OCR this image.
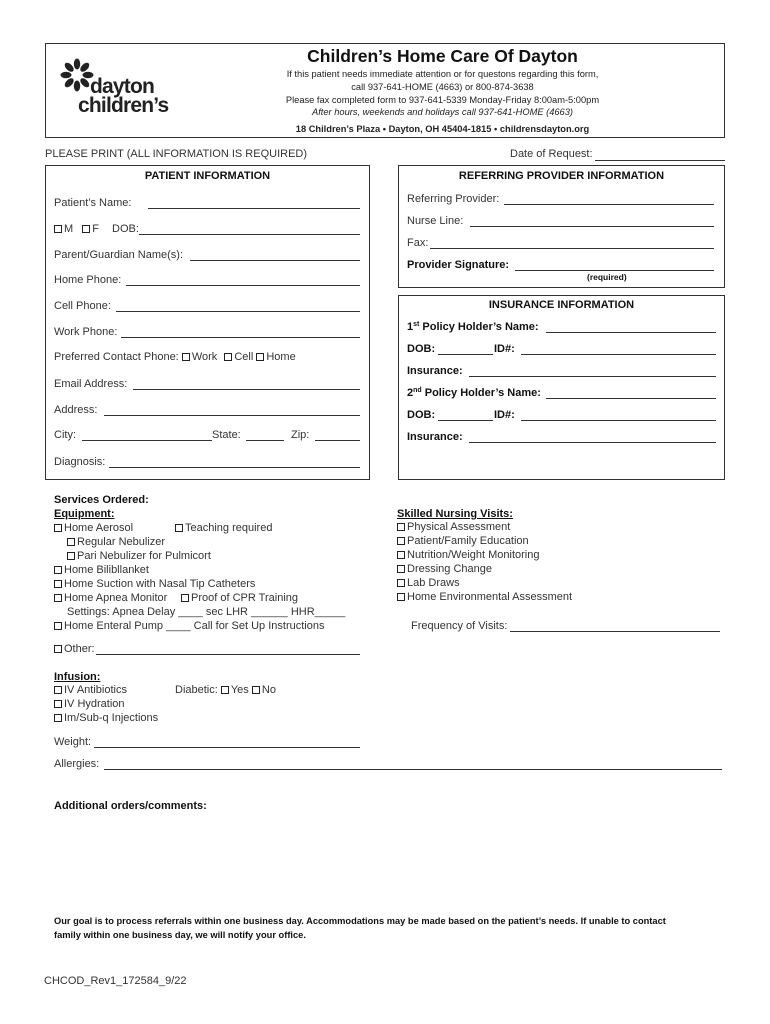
dayton
children’s
Children’s Home Care Of Dayton
If this patient needs immediate attention or for questons regarding this form,
call 937-641-HOME (4663) or 800-874-3638
Please fax completed form to 937-641-5339 Monday-Friday 8:00am-5:00pm
After hours, weekends and holidays call 937-641-HOME (4663)
18 Children’s Plaza • Dayton, OH 45404-1815 • childrensdayton.org
PLEASE PRINT (ALL INFORMATION IS REQUIRED)	Date of Request:
PATIENT INFORMATION
Patient’s Name:
M F DOB:
Parent/Guardian Name(s):
Home Phone:
Cell Phone:
Work Phone:
Preferred Contact Phone: Work Cell Home
Email Address:
Address:
City:	State:	Zip:
Diagnosis:
REFERRING PROVIDER INFORMATION
Referring Provider:
Nurse Line:
Fax:
Provider Signature:
(required)
INSURANCE INFORMATION
1st Policy Holder’s Name:
DOB:	ID#:
Insurance:
2nd Policy Holder’s Name:
DOB:	ID#:
Insurance:
Services Ordered:
Equipment:
Home Aerosol	Teaching required
Regular Nebulizer
Pari Nebulizer for Pulmicort
Home Bilibllanket
Home Suction with Nasal Tip Catheters
Home Apnea Monitor	Proof of CPR Training
Settings: Apnea Delay ____ sec LHR ______ HHR_____
Home Enteral Pump ____ Call for Set Up Instructions
Other:
Infusion:
IV Antibiotics	Diabetic: Yes No
IV Hydration
Im/Sub-q Injections
Weight:
Allergies:
Skilled Nursing Visits:
Physical Assessment
Patient/Family Education
Nutrition/Weight Monitoring
Dressing Change
Lab Draws
Home Environmental Assessment
Frequency of Visits:
Additional orders/comments:
Our goal is to process referrals within one business day. Accommodations may be made based on the patient’s needs. If unable to contact
family within one business day, we will notify your office.
CHCOD_Rev1_172584_9/22
